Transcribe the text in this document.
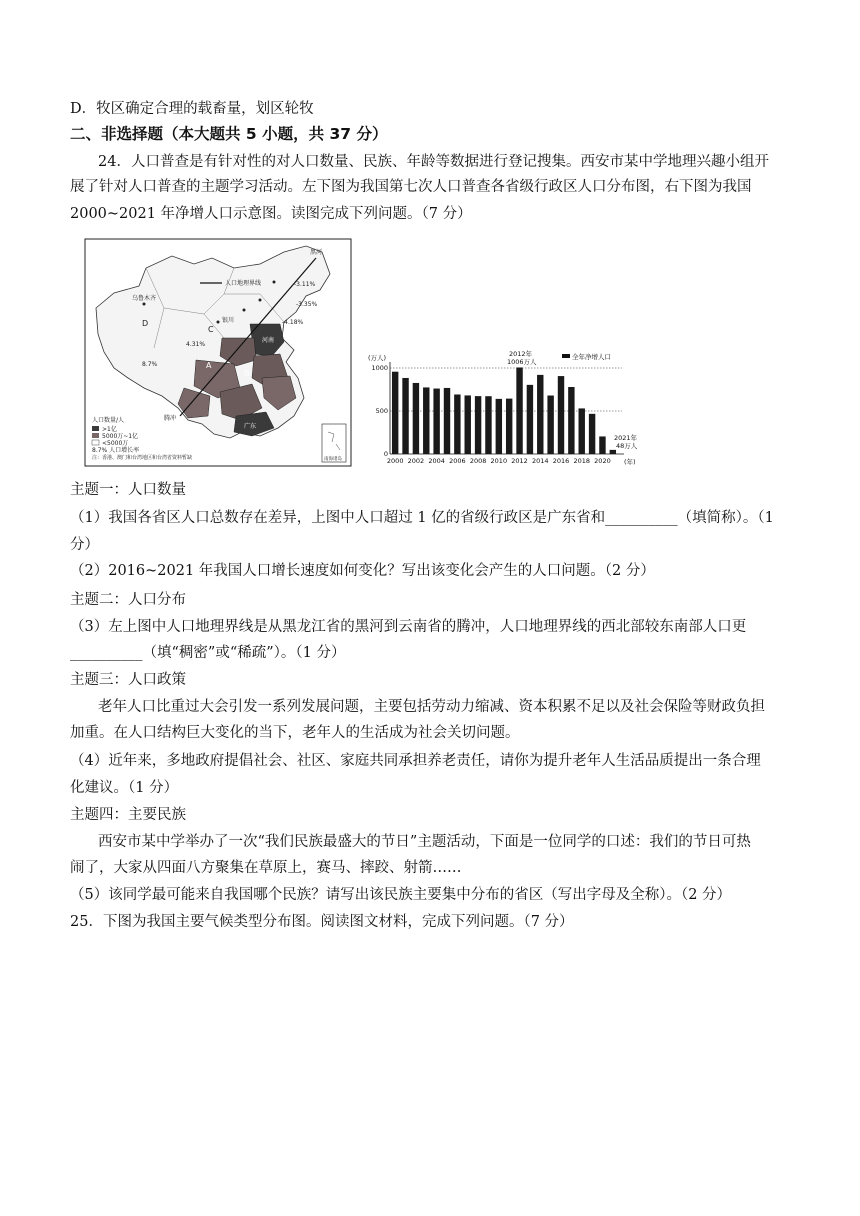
D．牧区确定合理的载畜量，划区轮牧
二、非选择题（本大题共 5 小题，共 37 分）
24．人口普查是有针对性的对人口数量、民族、年龄等数据进行登记搜集。西安市某中学地理兴趣小组开
展了针对人口普查的主题学习活动。左下图为我国第七次人口普查各省级行政区人口分布图，右下图为我国
2000~2021 年净增人口示意图。读图完成下列问题。（7 分）
人口地理界线
黑河
腾冲
乌鲁木齐
银川
C
D
A
B
河南
广东
-3.11%
-3.35%
-4.18%
4.31%
8.7%
人口数量/人
>1亿
5000万~1亿
<5000万
8.7% 人口增长率
注：香港、澳门和台湾地区和台湾省资料暂缺	南海诸岛
(万人)	全年净增人口
2012年
1006万人
2021年
48万人
(年)
1000
500
0
2000 2002 2004 2006 2008 2010 2012 2014 2016 2018 2020
主题一：人口数量
（1）我国各省区人口总数存在差异，上图中人口超过 1 亿的省级行政区是广东省和__________（填简称）。（1
分）
（2）2016~2021 年我国人口增长速度如何变化？写出该变化会产生的人口问题。（2 分）
主题二：人口分布
（3）左上图中人口地理界线是从黑龙江省的黑河到云南省的腾冲，人口地理界线的西北部较东南部人口更
__________（填“稠密”或“稀疏”）。（1 分）
主题三：人口政策
老年人口比重过大会引发一系列发展问题，主要包括劳动力缩减、资本积累不足以及社会保险等财政负担
加重。在人口结构巨大变化的当下，老年人的生活成为社会关切问题。
（4）近年来，多地政府提倡社会、社区、家庭共同承担养老责任，请你为提升老年人生活品质提出一条合理
化建议。（1 分）
主题四：主要民族
西安市某中学举办了一次“我们民族最盛大的节日”主题活动，下面是一位同学的口述：我们的节日可热
闹了，大家从四面八方聚集在草原上，赛马、摔跤、射箭……
（5）该同学最可能来自我国哪个民族？请写出该民族主要集中分布的省区（写出字母及全称）。（2 分）
25．下图为我国主要气候类型分布图。阅读图文材料，完成下列问题。（7 分）
